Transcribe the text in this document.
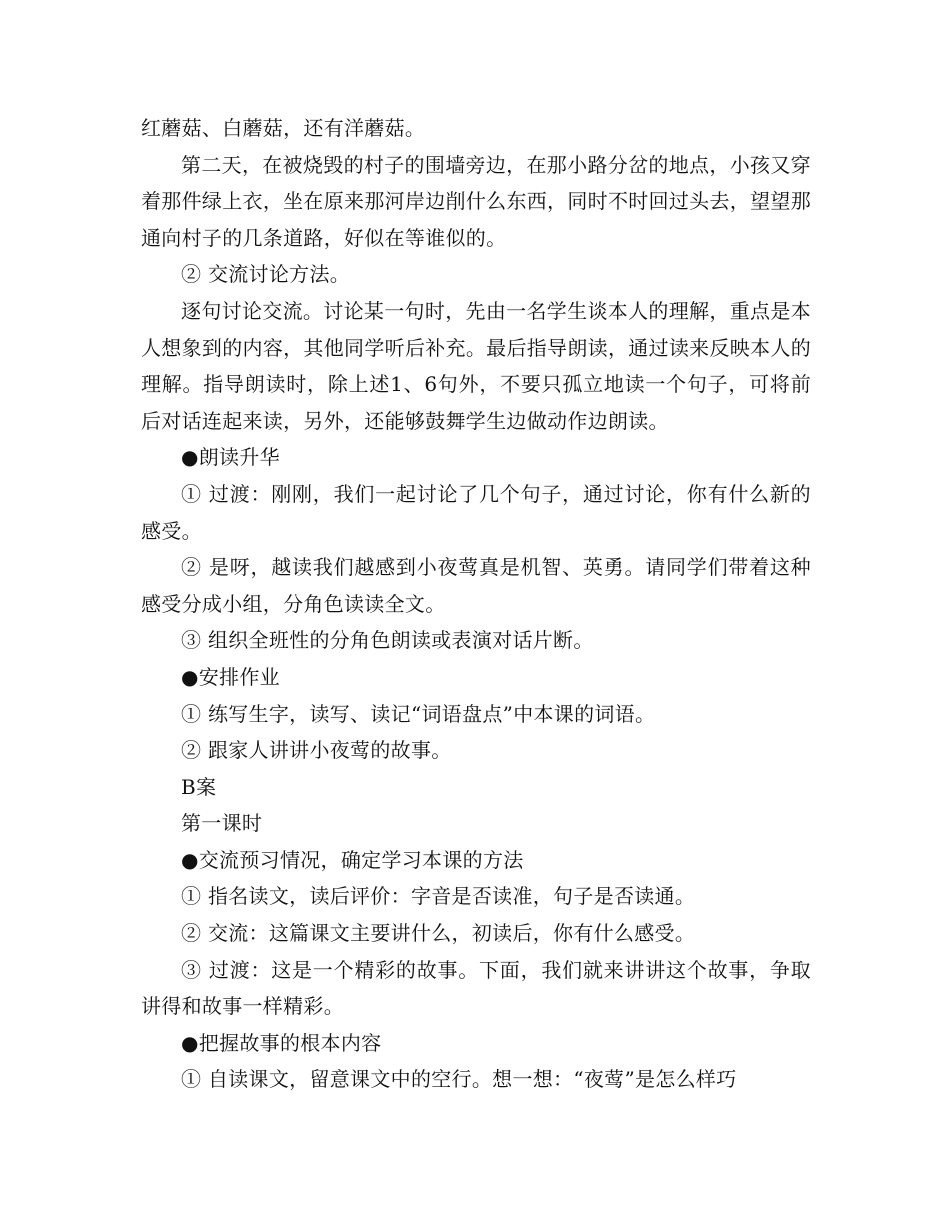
红蘑菇、白蘑菇，还有洋蘑菇。

第二天，在被烧毁的村子的围墙旁边，在那小路分岔的地点，小孩又穿着那件绿上衣，坐在原来那河岸边削什么东西，同时不时回过头去，望望那通向村子的几条道路，好似在等谁似的。

② 交流讨论方法。

逐句讨论交流。讨论某一句时，先由一名学生谈本人的理解，重点是本人想象到的内容，其他同学听后补充。最后指导朗读，通过读来反映本人的理解。指导朗读时，除上述1、6句外，不要只孤立地读一个句子，可将前后对话连起来读，另外，还能够鼓舞学生边做动作边朗读。

●朗读升华

① 过渡：刚刚，我们一起讨论了几个句子，通过讨论，你有什么新的感受。

② 是呀，越读我们越感到小夜莺真是机智、英勇。请同学们带着这种感受分成小组，分角色读读全文。

③ 组织全班性的分角色朗读或表演对话片断。

●安排作业

① 练写生字，读写、读记“词语盘点”中本课的词语。

② 跟家人讲讲小夜莺的故事。

B案

第一课时

●交流预习情况，确定学习本课的方法

① 指名读文，读后评价：字音是否读准，句子是否读通。

② 交流：这篇课文主要讲什么，初读后，你有什么感受。

③ 过渡：这是一个精彩的故事。下面，我们就来讲讲这个故事，争取讲得和故事一样精彩。

●把握故事的根本内容

① 自读课文，留意课文中的空行。想一想：“夜莺”是怎么样巧
